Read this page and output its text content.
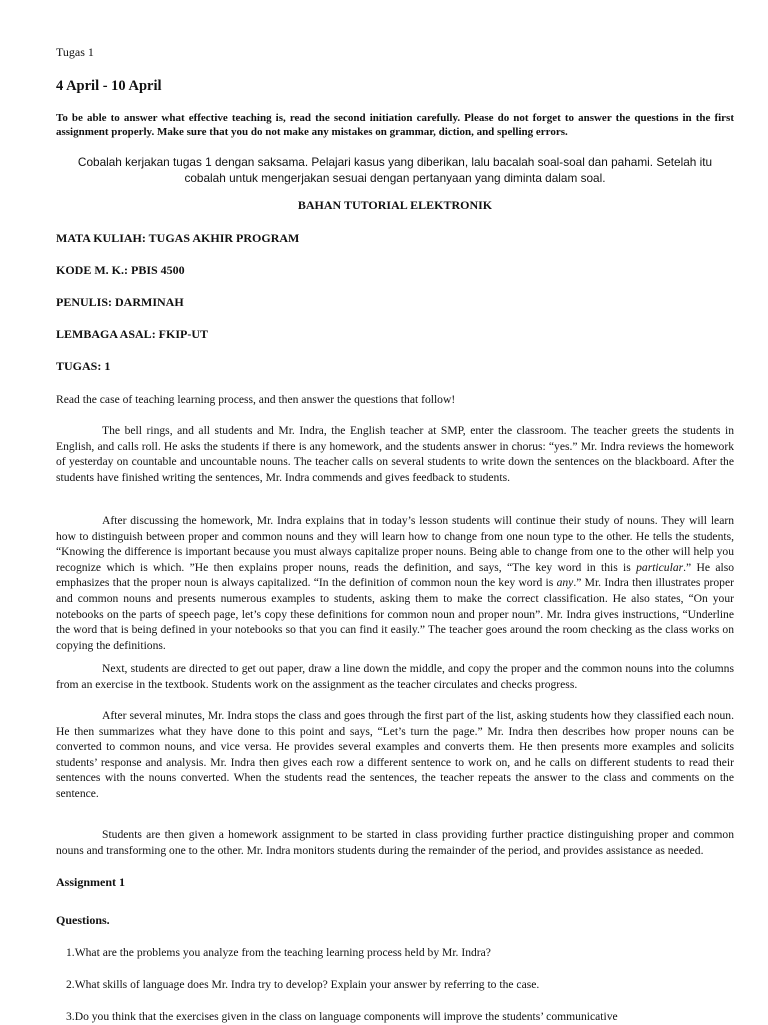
Tugas 1

4 April - 10 April

To be able to answer what effective teaching is, read the second initiation carefully. Please do not forget to answer the questions in the first assignment properly. Make sure that you do not make any mistakes on grammar, diction, and spelling errors.

Cobalah kerjakan tugas 1 dengan saksama. Pelajari kasus yang diberikan, lalu bacalah soal-soal dan pahami. Setelah itu cobalah untuk mengerjakan sesuai dengan pertanyaan yang diminta dalam soal.

BAHAN TUTORIAL ELEKTRONIK

MATA KULIAH: TUGAS AKHIR PROGRAM

KODE M. K.: PBIS 4500

PENULIS: DARMINAH

LEMBAGA ASAL: FKIP-UT

TUGAS: 1

Read the case of teaching learning process, and then answer the questions that follow!

The bell rings, and all students and Mr. Indra, the English teacher at SMP, enter the classroom. The teacher greets the students in English, and calls roll. He asks the students if there is any homework, and the students answer in chorus: “yes.” Mr. Indra reviews the homework of yesterday on countable and uncountable nouns. The teacher calls on several students to write down the sentences on the blackboard. After the students have finished writing the sentences, Mr. Indra commends and gives feedback to students.

After discussing the homework, Mr. Indra explains that in today’s lesson students will continue their study of nouns. They will learn how to distinguish between proper and common nouns and they will learn how to change from one noun type to the other. He tells the students, “Knowing the difference is important because you must always capitalize proper nouns. Being able to change from one to the other will help you recognize which is which. ”He then explains proper nouns, reads the definition, and says, “The key word in this is particular.” He also emphasizes that the proper noun is always capitalized. “In the definition of common noun the key word is any.” Mr. Indra then illustrates proper and common nouns and presents numerous examples to students, asking them to make the correct classification. He also states, “On your notebooks on the parts of speech page, let’s copy these definitions for common noun and proper noun”. Mr. Indra gives instructions, “Underline the word that is being defined in your notebooks so that you can find it easily.” The teacher goes around the room checking as the class works on copying the definitions.

Next, students are directed to get out paper, draw a line down the middle, and copy the proper and the common nouns into the columns from an exercise in the textbook. Students work on the assignment as the teacher circulates and checks progress.

After several minutes, Mr. Indra stops the class and goes through the first part of the list, asking students how they classified each noun. He then summarizes what they have done to this point and says, “Let’s turn the page.” Mr. Indra then describes how proper nouns can be converted to common nouns, and vice versa. He provides several examples and converts them. He then presents more examples and solicits students’ response and analysis. Mr. Indra then gives each row a different sentence to work on, and he calls on different students to read their sentences with the nouns converted. When the students read the sentences, the teacher repeats the answer to the class and comments on the sentence.

Students are then given a homework assignment to be started in class providing further practice distinguishing proper and common nouns and transforming one to the other. Mr. Indra monitors students during the remainder of the period, and provides assistance as needed.

Assignment 1

Questions.

1.What are the problems you analyze from the teaching learning process held by Mr. Indra?

2.What skills of language does Mr. Indra try to develop? Explain your answer by referring to the case.

3.Do you think that the exercises given in the class on language components will improve the students’ communicative
